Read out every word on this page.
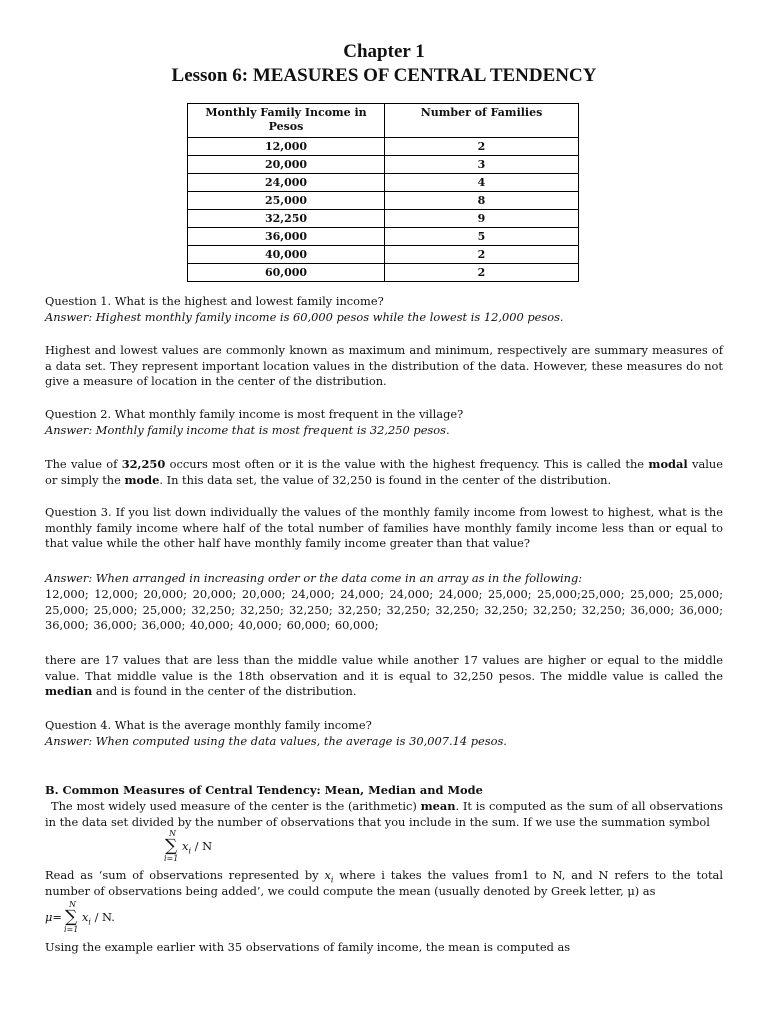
Chapter 1
Lesson 6: MEASURES OF CENTRAL TENDENCY
Monthly Family Income in Pesos	Number of Families
12,000	2
20,000	3
24,000	4
25,000	8
32,250	9
36,000	5
40,000	2
60,000	2
Question 1. What is the highest and lowest family income?
Answer: Highest monthly family income is 60,000 pesos while the lowest is 12,000 pesos.
Highest and lowest values are commonly known as maximum and minimum, respectively are summary measures of a data set. They represent important location values in the distribution of the data. However, these measures do not give a measure of location in the center of the distribution.
Question 2. What monthly family income is most frequent in the village?
Answer: Monthly family income that is most frequent is 32,250 pesos.
The value of 32,250 occurs most often or it is the value with the highest frequency. This is called the modal value or simply the mode. In this data set, the value of 32,250 is found in the center of the distribution.
Question 3. If you list down individually the values of the monthly family income from lowest to highest, what is the monthly family income where half of the total number of families have monthly family income less than or equal to that value while the other half have monthly family income greater than that value?
Answer: When arranged in increasing order or the data come in an array as in the following:
12,000; 12,000; 20,000; 20,000; 20,000; 24,000; 24,000; 24,000; 24,000; 25,000; 25,000;25,000; 25,000; 25,000; 25,000; 25,000; 25,000; 32,250; 32,250; 32,250; 32,250; 32,250; 32,250; 32,250; 32,250; 32,250; 36,000; 36,000; 36,000; 36,000; 36,000; 40,000; 40,000; 60,000; 60,000;
there are 17 values that are less than the middle value while another 17 values are higher or equal to the middle value. That middle value is the 18th observation and it is equal to 32,250 pesos. The middle value is called the median and is found in the center of the distribution.
Question 4. What is the average monthly family income?
Answer: When computed using the data values, the average is 30,007.14 pesos.
B. Common Measures of Central Tendency: Mean, Median and Mode
The most widely used measure of the center is the (arithmetic) mean. It is computed as the sum of all observations in the data set divided by the number of observations that you include in the sum. If we use the summation symbol
N
∑
i=1
$x_i$ / N
Read as ‘sum of observations represented by $x_i$ where i takes the values from1 to N, and N refers to the total number of observations being added’, we could compute the mean (usually denoted by Greek letter, μ) as
μ=
N
∑
i=1
$x_i$ / N.
Using the example earlier with 35 observations of family income, the mean is computed as
